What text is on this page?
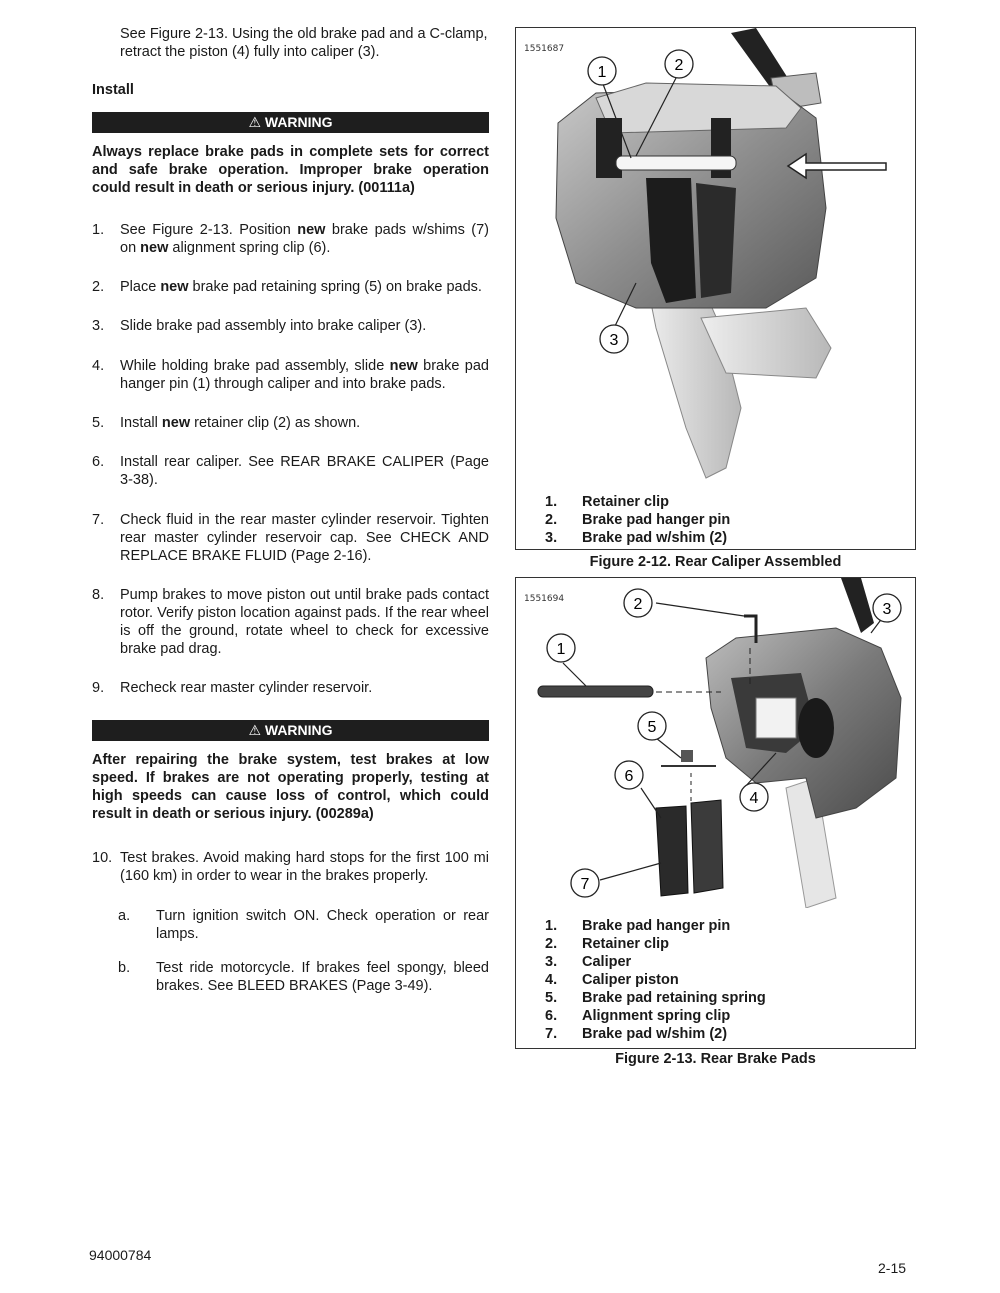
See Figure 2-13. Using the old brake pad and a C-clamp, retract the piston (4) fully into caliper (3).
Install
⚠ WARNING
Always replace brake pads in complete sets for correct and safe brake operation. Improper brake operation could result in death or serious injury. (00111a)
1.	See Figure 2-13. Position new brake pads w/shims (7) on new alignment spring clip (6).
2.	Place new brake pad retaining spring (5) on brake pads.
3.	Slide brake pad assembly into brake caliper (3).
4.	While holding brake pad assembly, slide new brake pad hanger pin (1) through caliper and into brake pads.
5.	Install new retainer clip (2) as shown.
6.	Install rear caliper. See REAR BRAKE CALIPER (Page 3-38).
7.	Check fluid in the rear master cylinder reservoir. Tighten rear master cylinder reservoir cap. See CHECK AND REPLACE BRAKE FLUID (Page 2-16).
8.	Pump brakes to move piston out until brake pads contact rotor. Verify piston location against pads. If the rear wheel is off the ground, rotate wheel to check for excessive brake pad drag.
9.	Recheck rear master cylinder reservoir.
⚠ WARNING
After repairing the brake system, test brakes at low speed. If brakes are not operating properly, testing at high speeds can cause loss of control, which could result in death or serious injury. (00289a)
10. Test brakes. Avoid making hard stops for the first 100 mi (160 km) in order to wear in the brakes properly.
a.	Turn ignition switch ON. Check operation or rear lamps.
b.	Test ride motorcycle. If brakes feel spongy, bleed brakes. See BLEED BRAKES (Page 3-49).
1551687
1	2
3
1.	Retainer clip
2.	Brake pad hanger pin
3.	Brake pad w/shim (2)
Figure 2-12. Rear Caliper Assembled
1551694
1
2	3
4
5
6
7
1.	Brake pad hanger pin
2.	Retainer clip
3.	Caliper
4.	Caliper piston
5.	Brake pad retaining spring
6.	Alignment spring clip
7.	Brake pad w/shim (2)
Figure 2-13. Rear Brake Pads
94000784
2-15
